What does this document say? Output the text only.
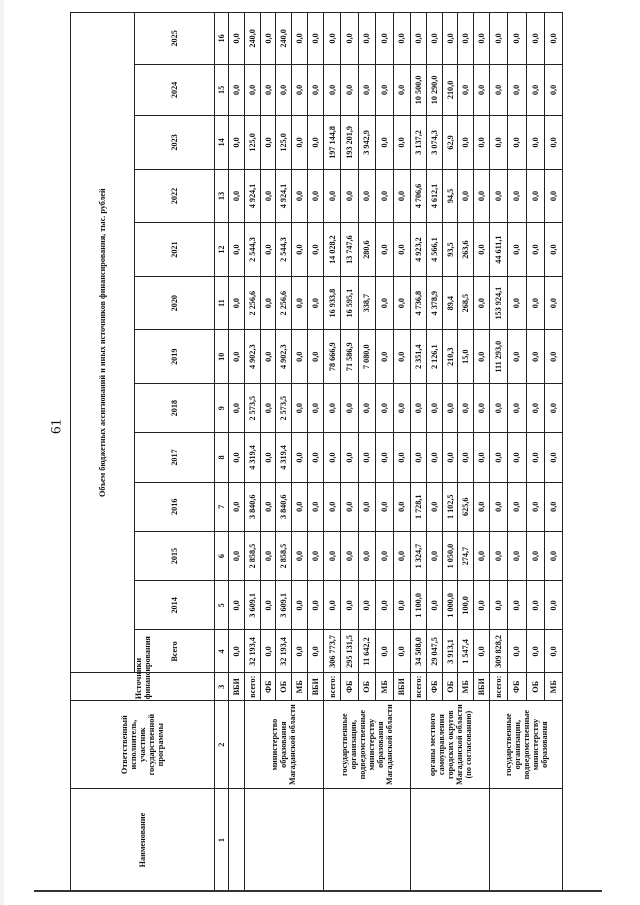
61
Наименование	Ответственный исполнитель, участник государственной программы	Источники финансирования	Объем бюджетных ассигнований и иных источников финансирования, тыс. рублей												
			Всего	2014	2015	2016	2017	2018	2019	2020	2021	2022	2023	2024	2025
1	2	3	4	5	6	7	8	9	10	11	12	13	14	15	16
		ВБИ	0,0	0,0	0,0	0,0	0,0	0,0	0,0	0,0	0,0	0,0	0,0	0,0	0,0
	министерство образования Магаданской области	всего:	32 193,4	3 609,1	2 858,5	3 840,6	4 319,4	2 573,5	4 902,3	2 256,6	2 544,3	4 924,1	125,0	0,0	240,0
		ФБ	0,0	0,0	0,0	0,0	0,0	0,0	0,0	0,0	0,0	0,0	0,0	0,0	0,0
		ОБ	32 193,4	3 609,1	2 858,5	3 840,6	4 319,4	2 573,5	4 902,3	2 256,6	2 544,3	4 924,1	125,0	0,0	240,0
		МБ	0,0	0,0	0,0	0,0	0,0	0,0	0,0	0,0	0,0	0,0	0,0	0,0	0,0
		ВБИ	0,0	0,0	0,0	0,0	0,0	0,0	0,0	0,0	0,0	0,0	0,0	0,0	0,0
	государственные организации, подведомственные министерству образования Магаданской области	всего:	306 773,7	0,0	0,0	0,0	0,0	0,0	78 666,9	16 933,8	14 028,2	0,0	197 144,8	0,0	0,0
		ФБ	295 131,5	0,0	0,0	0,0	0,0	0,0	71 586,9	16 595,1	13 747,6	0,0	193 201,9	0,0	0,0
		ОБ	11 642,2	0,0	0,0	0,0	0,0	0,0	7 080,0	338,7	280,6	0,0	3 942,9	0,0	0,0
		МБ	0,0	0,0	0,0	0,0	0,0	0,0	0,0	0,0	0,0	0,0	0,0	0,0	0,0
		ВБИ	0,0	0,0	0,0	0,0	0,0	0,0	0,0	0,0	0,0	0,0	0,0	0,0	0,0
	органы местного самоуправления городских округов Магаданской области (по согласованию)	всего:	34 508,0	1 100,0	1 324,7	1 728,1	0,0	0,0	2 351,4	4 736,8	4 923,2	4 706,6	3 137,2	10 500,0	0,0
		ФБ	29 047,5	0,0	0,0	0,0	0,0	0,0	2 126,1	4 378,9	4 566,1	4 612,1	3 074,3	10 290,0	0,0
		ОБ	3 913,1	1 000,0	1 050,0	1 102,5	0,0	0,0	210,3	89,4	93,5	94,5	62,9	210,0	0,0
		МБ	1 547,4	100,0	274,7	625,6	0,0	0,0	15,0	268,5	263,6	0,0	0,0	0,0	0,0
		ВБИ	0,0	0,0	0,0	0,0	0,0	0,0	0,0	0,0	0,0	0,0	0,0	0,0	0,0
	государственные организации, подведомственные министерству образования	всего:	309 828,2	0,0	0,0	0,0	0,0	0,0	111 293,0	153 924,1	44 611,1	0,0	0,0	0,0	0,0
		ФБ	0,0	0,0	0,0	0,0	0,0	0,0	0,0	0,0	0,0	0,0	0,0	0,0	0,0
		ОБ	0,0	0,0	0,0	0,0	0,0	0,0	0,0	0,0	0,0	0,0	0,0	0,0	0,0
		МБ	0,0	0,0	0,0	0,0	0,0	0,0	0,0	0,0	0,0	0,0	0,0	0,0	0,0
